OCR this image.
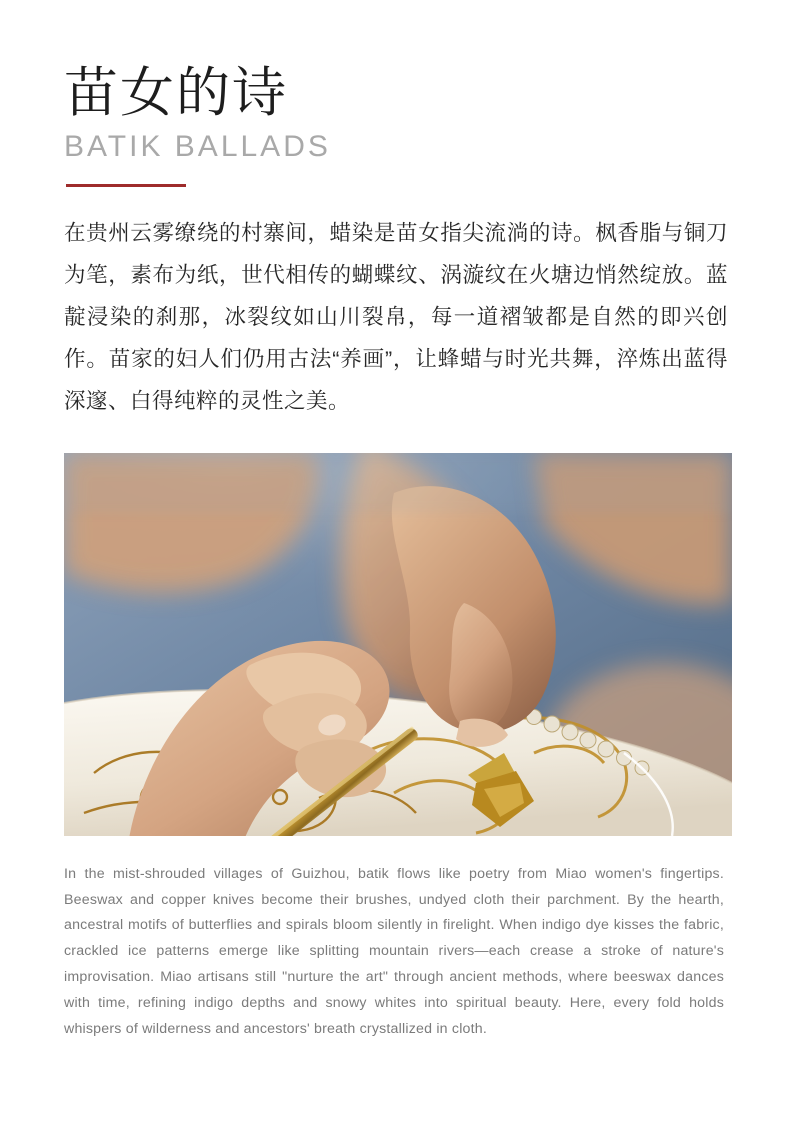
苗女的诗
BATIK BALLADS

在贵州云雾缭绕的村寨间，蜡染是苗女指尖流淌的诗。枫香脂与铜刀为笔，素布为纸，世代相传的蝴蝶纹、涡漩纹在火塘边悄然绽放。蓝靛浸染的刹那，冰裂纹如山川裂帛，每一道褶皱都是自然的即兴创作。苗家的妇人们仍用古法“养画”，让蜂蜡与时光共舞，淬炼出蓝得深邃、白得纯粹的灵性之美。

In the mist-shrouded villages of Guizhou, batik flows like poetry from Miao women's fingertips. Beeswax and copper knives become their brushes, undyed cloth their parchment. By the hearth, ancestral motifs of butterflies and spirals bloom silently in firelight. When indigo dye kisses the fabric, crackled ice patterns emerge like splitting mountain rivers—each crease a stroke of nature's improvisation. Miao artisans still "nurture the art" through ancient methods, where beeswax dances with time, refining indigo depths and snowy whites into spiritual beauty. Here, every fold holds whispers of wilderness and ancestors' breath crystallized in cloth.
